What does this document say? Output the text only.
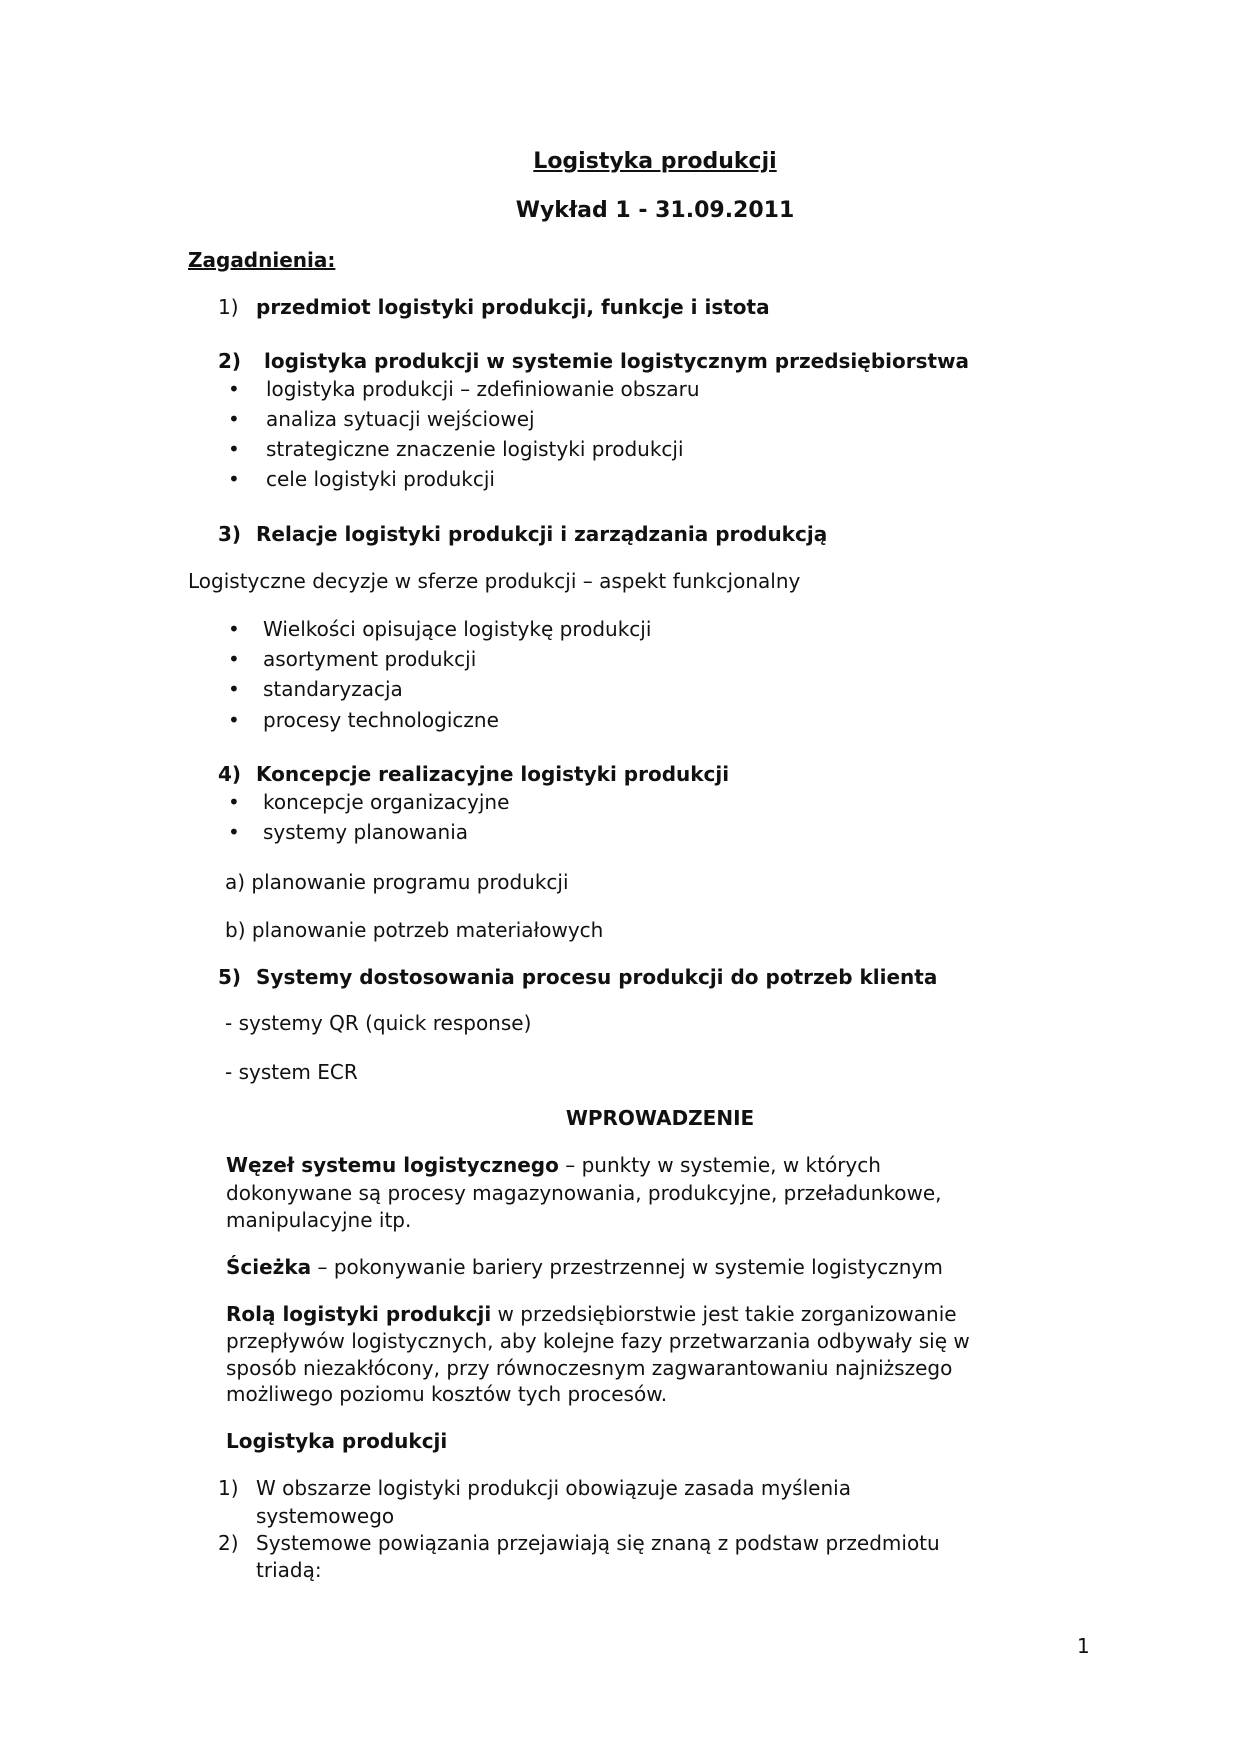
Logistyka produkcji
Wykład 1 - 31.09.2011
Zagadnienia:
1) przedmiot logistyki produkcji, funkcje i istota
2) logistyka produkcji w systemie logistycznym przedsiębiorstwa
• logistyka produkcji – zdefiniowanie obszaru
• analiza sytuacji wejściowej
• strategiczne znaczenie logistyki produkcji
• cele logistyki produkcji
3) Relacje logistyki produkcji i zarządzania produkcją
Logistyczne decyzje w sferze produkcji – aspekt funkcjonalny
• Wielkości opisujące logistykę produkcji
• asortyment produkcji
• standaryzacja
• procesy technologiczne
4) Koncepcje realizacyjne logistyki produkcji
• koncepcje organizacyjne
• systemy planowania
a) planowanie programu produkcji
b) planowanie potrzeb materiałowych
5) Systemy dostosowania procesu produkcji do potrzeb klienta
- systemy QR (quick response)
- system ECR
WPROWADZENIE
Węzeł systemu logistycznego – punkty w systemie, w których
dokonywane są procesy magazynowania, produkcyjne, przeładunkowe,
manipulacyjne itp.
Ścieżka – pokonywanie bariery przestrzennej w systemie logistycznym
Rolą logistyki produkcji w przedsiębiorstwie jest takie zorganizowanie
przepływów logistycznych, aby kolejne fazy przetwarzania odbywały się w
sposób niezakłócony, przy równoczesnym zagwarantowaniu najniższego
możliwego poziomu kosztów tych procesów.
Logistyka produkcji
1) W obszarze logistyki produkcji obowiązuje zasada myślenia
systemowego
2) Systemowe powiązania przejawiają się znaną z podstaw przedmiotu
triadą:
1
